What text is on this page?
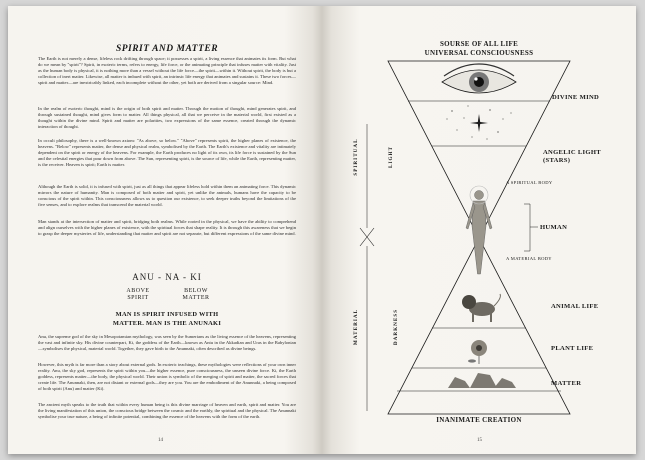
SPIRIT AND MATTER

The Earth is not merely a dense, lifeless rock drifting through space; it possesses a spirit, a living essence that animates its form. But what do we mean by "spirit"? Spirit, in esoteric terms, refers to energy, life force, or the animating principle that infuses matter with vitality. Just as the human body is physical, it is nothing more than a vessel without the life force—the spirit—within it. Without spirit, the body is but a collection of inert matter. Likewise, all matter is imbued with spirit, an intrinsic life energy that animates and sustains it. These two forces—spirit and matter—are inextricably linked, each incomplete without the other, yet both are derived from a singular source: Mind.

In the realm of esoteric thought, mind is the origin of both spirit and matter. Through the motion of thought, mind generates spirit, and through sustained thought, mind gives form to matter. All things physical, all that we perceive in the material world, first existed as a thought within the divine mind. Spirit and matter are polarities, two expressions of the same essence, created through the dynamic interaction of thought.

In occult philosophy, there is a well-known axiom: "As above, so below." "Above" represents spirit, the higher planes of existence, the heavens. "Below" represents matter, the dense and physical realm, symbolised by the Earth. The Earth's existence and vitality are intimately dependent on the spirit or energy of the heavens. For example, the Earth produces no light of its own, its life force is sustained by the Sun and the celestial energies that pour down from above. The Sun, representing spirit, is the source of life, while the Earth, representing matter, is the receiver. Heaven is spirit; Earth is matter.

Although the Earth is solid, it is infused with spirit, just as all things that appear lifeless hold within them an animating force. This dynamic mirrors the nature of humanity. Man is composed of both matter and spirit, yet unlike the animals, humans have the capacity to be conscious of the spirit within. This consciousness allows us to question our existence, to seek deeper truths beyond the limitations of the five senses, and to explore realms that transcend the material world.

Man stands at the intersection of matter and spirit, bridging both realms. While rooted in the physical, we have the ability to comprehend and align ourselves with the higher planes of existence, with the spiritual forces that shape reality. It is through this awareness that we begin to grasp the deeper mysteries of life, understanding that matter and spirit are not separate, but different expressions of the same divine mind.

ANU - NA - KI
ABOVE
SPIRIT
BELOW
MATTER
MAN IS SPIRIT INFUSED WITH
MATTER. MAN IS THE ANUNAKI

Anu, the supreme god of the sky in Mesopotamian mythology, was seen by the Sumerians as the living essence of the heavens, representing the vast and infinite sky. His divine counterpart, Ki, the goddess of the Earth—known as Antu in the Akkadian and Uras in the Babylonian—symbolises the physical, material world. Together, they gave birth to the Anunnaki, often described as divine beings.

However, this myth is far more than a story about external gods. In esoteric teachings, these mythologies were reflections of your own inner reality. Anu, the sky god, represents the spirit within you—the higher essence, pure consciousness, the unseen divine force. Ki, the Earth goddess, represents matter—the body, the physical world. Their union is symbolic of the merging of spirit and matter, the sacred forces that create life. The Anunnaki, then, are not distant or external gods—they are you. You are the embodiment of the Anunnaki, a being composed of both spirit (Anu) and matter (Ki).

The ancient myth speaks to the truth that within every human being is this divine marriage of heaven and earth, spirit and matter. You are the living manifestation of this union, the conscious bridge between the cosmic and the earthly, the spiritual and the physical. The Anunnaki symbolise your true nature, a being of infinite potential, combining the essence of the heavens with the form of the earth.

14
SOURSE OF ALL LIFE
UNIVERSAL CONSCIOUSNESS
DIVINE MIND
ANGELIC LIGHT
(STARS)
A SPIRITUAL BODY
HUMAN
A MATERIAL BODY
ANIMAL LIFE
PLANT LIFE
MATTER
SPIRITUAL	LIGHT
MATERIAL	DARKNESS
INANIMATE CREATION
15
